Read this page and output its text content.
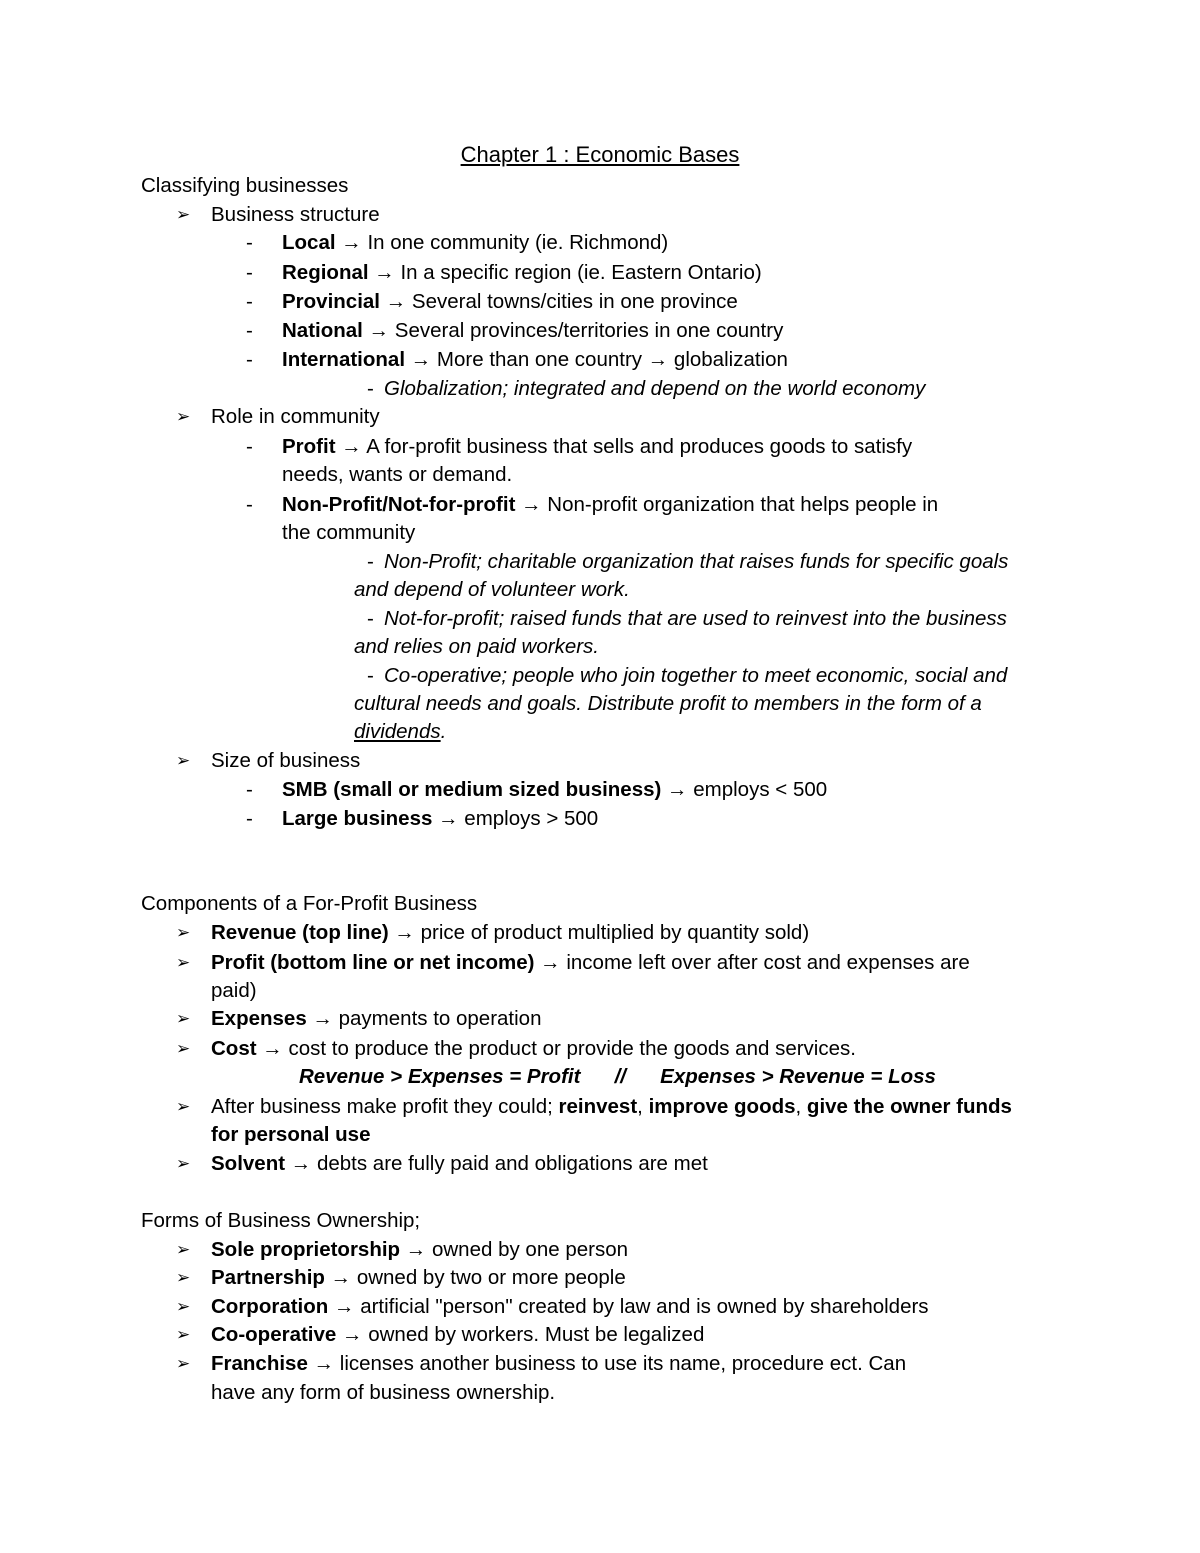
Chapter 1 : Economic Bases
Classifying businesses
➢ Business structure
- Local → In one community (ie. Richmond)
- Regional → In a specific region (ie. Eastern Ontario)
- Provincial → Several towns/cities in one province
- National → Several provinces/territories in one country
- International → More than one country → globalization
- Globalization; integrated and depend on the world economy
➢ Role in community
- Profit → A for-profit business that sells and produces goods to satisfy
needs, wants or demand.
- Non-Profit/Not-for-profit → Non-profit organization that helps people in
the community
- Non-Profit; charitable organization that raises funds for specific goals
and depend of volunteer work.
- Not-for-profit; raised funds that are used to reinvest into the business
and relies on paid workers.
- Co-operative; people who join together to meet economic, social and
cultural needs and goals. Distribute profit to members in the form of a
dividends.
➢ Size of business
- SMB (small or medium sized business) → employs < 500
- Large business → employs > 500
Components of a For-Profit Business
➢ Revenue (top line) → price of product multiplied by quantity sold)
➢ Profit (bottom line or net income) → income left over after cost and expenses are
paid)
➢ Expenses → payments to operation
➢ Cost → cost to produce the product or provide the goods and services.
Revenue > Expenses = Profit      //      Expenses > Revenue = Loss
➢ After business make profit they could; reinvest, improve goods, give the owner funds
for personal use
➢ Solvent → debts are fully paid and obligations are met
Forms of Business Ownership;
➢ Sole proprietorship → owned by one person
➢ Partnership → owned by two or more people
➢ Corporation → artificial "person" created by law and is owned by shareholders
➢ Co-operative → owned by workers. Must be legalized
➢ Franchise → licenses another business to use its name, procedure ect. Can
have any form of business ownership.
